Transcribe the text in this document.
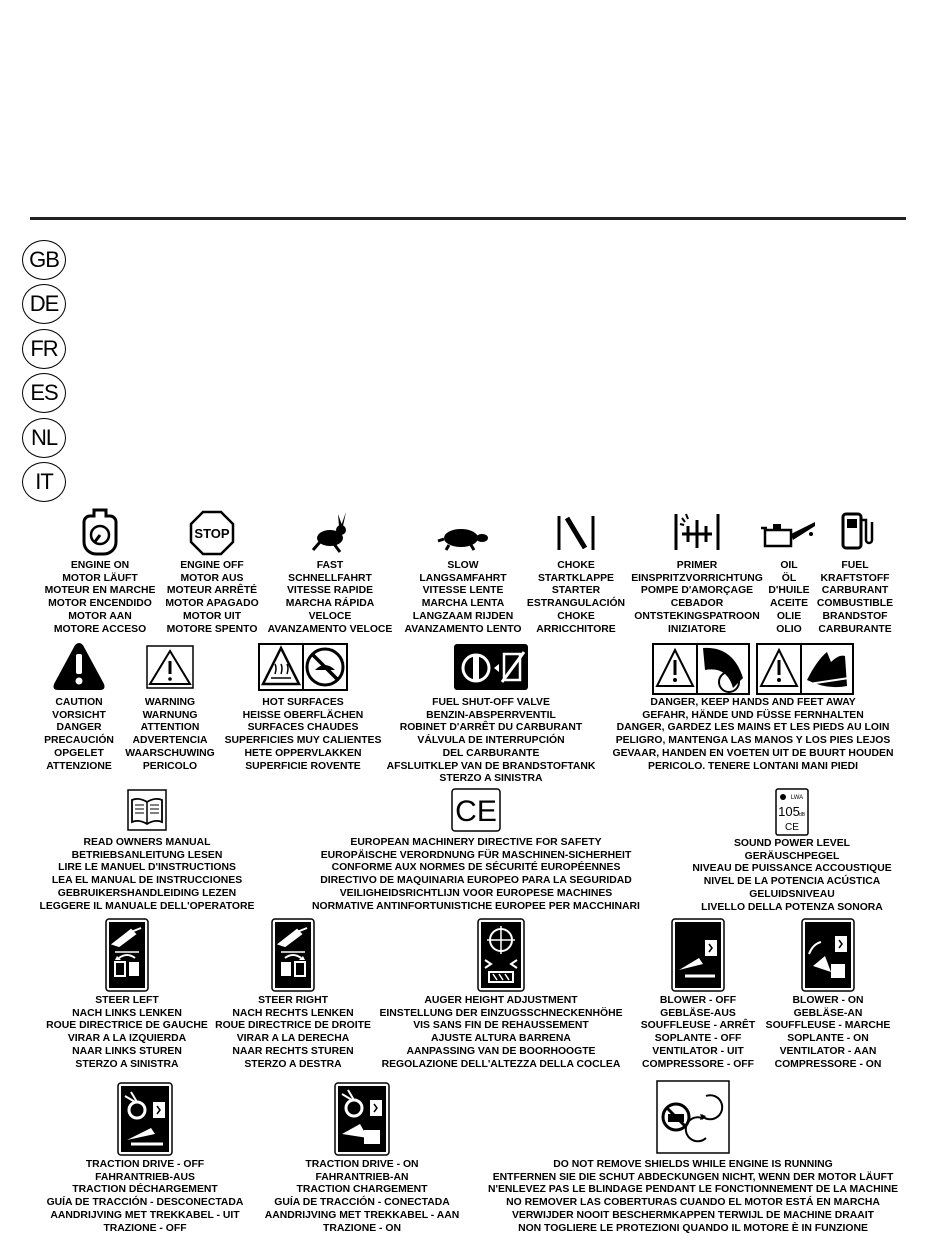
GB
DE
FR
ES
NL
IT
ENGINE ON
MOTOR LÄUFT
MOTEUR EN MARCHE
MOTOR ENCENDIDO
MOTOR AAN
MOTORE ACCESO
STOP
ENGINE OFF
MOTOR AUS
MOTEUR ARRÊTÉ
MOTOR APAGADO
MOTOR UIT
MOTORE SPENTO
FAST
SCHNELLFAHRT
VITESSE RAPIDE
MARCHA RÁPIDA
VELOCE
AVANZAMENTO VELOCE
SLOW
LANGSAMFAHRT
VITESSE LENTE
MARCHA LENTA
LANGZAAM RIJDEN
AVANZAMENTO LENTO
CHOKE
STARTKLAPPE
STARTER
ESTRANGULACIÓN
CHOKE
ARRICCHITORE
PRIMER
EINSPRITZVORRICHTUNG
POMPE D'AMORÇAGE
CEBADOR
ONTSTEKINGSPATROON
INIZIATORE
OIL
ÖL
D'HUILE
ACEITE
OLIE
OLIO
FUEL
KRAFTSTOFF
CARBURANT
COMBUSTIBLE
BRANDSTOF
CARBURANTE
CAUTION
VORSICHT
DANGER
PRECAUCIÓN
OPGELET
ATTENZIONE
WARNING
WARNUNG
ATTENTION
ADVERTENCIA
WAARSCHUWING
PERICOLO
HOT SURFACES
HEISSE OBERFLÄCHEN
SURFACES CHAUDES
SUPERFICIES MUY CALIENTES
HETE OPPERVLAKKEN
SUPERFICIE ROVENTE
FUEL SHUT-OFF VALVE
BENZIN-ABSPERRVENTIL
ROBINET D'ARRÊT DU CARBURANT
VÁLVULA DE INTERRUPCIÓN
DEL CARBURANTE
AFSLUITKLEP VAN DE BRANDSTOFTANK
STERZO A SINISTRA
DANGER, KEEP HANDS AND FEET AWAY
GEFAHR, HÄNDE UND FÜSSE FERNHALTEN
DANGER, GARDEZ LES MAINS ET LES PIEDS AU LOIN
PELIGRO, MANTENGA LAS MANOS Y LOS PIES LEJOS
GEVAAR, HANDEN EN VOETEN UIT DE BUURT HOUDEN
PERICOLO. TENERE LONTANI MANI PIEDI
READ OWNERS MANUAL
BETRIEBSANLEITUNG LESEN
LIRE LE MANUEL D'INSTRUCTIONS
LEA EL MANUAL DE INSTRUCCIONES
GEBRUIKERSHANDLEIDING LEZEN
LEGGERE IL MANUALE DELL'OPERATORE
CE
EUROPEAN MACHINERY DIRECTIVE FOR SAFETY
EUROPÄISCHE VERORDNUNG FÜR MASCHINEN-SICHERHEIT
CONFORME AUX NORMES DE SÉCURITÉ EUROPÉENNES
DIRECTIVO DE MAQUINARIA EUROPEO PARA LA SEGURIDAD
VEILIGHEIDSRICHTLIJN VOOR EUROPESE MACHINES
NORMATIVE ANTINFORTUNISTICHE EUROPEE PER MACCHINARI
LWA
105 dB
CE
SOUND POWER LEVEL
GERÄUSCHPEGEL
NIVEAU DE PUISSANCE ACCOUSTIQUE
NIVEL DE LA POTENCIA ACÚSTICA
GELUIDSNIVEAU
LIVELLO DELLA POTENZA SONORA
STEER LEFT
NACH LINKS LENKEN
ROUE DIRECTRICE DE GAUCHE
VIRAR A LA IZQUIERDA
NAAR LINKS STUREN
STERZO A SINISTRA
STEER RIGHT
NACH RECHTS LENKEN
ROUE DIRECTRICE DE DROITE
VIRAR A LA DERECHA
NAAR RECHTS STUREN
STERZO A DESTRA
AUGER HEIGHT ADJUSTMENT
EINSTELLUNG DER EINZUGSSCHNECKENHÖHE
VIS SANS FIN DE REHAUSSEMENT
AJUSTE ALTURA BARRENA
AANPASSING VAN DE BOORHOOGTE
REGOLAZIONE DELL'ALTEZZA DELLA COCLEA
BLOWER - OFF
GEBLÄSE-AUS
SOUFFLEUSE - ARRÊT
SOPLANTE - OFF
VENTILATOR - UIT
COMPRESSORE - OFF
BLOWER - ON
GEBLÄSE-AN
SOUFFLEUSE - MARCHE
SOPLANTE - ON
VENTILATOR - AAN
COMPRESSORE - ON
TRACTION DRIVE - OFF
FAHRANTRIEB-AUS
TRACTION DÉCHARGEMENT
GUÍA DE TRACCIÓN - DESCONECTADA
AANDRIJVING MET TREKKABEL - UIT
TRAZIONE - OFF
TRACTION DRIVE - ON
FAHRANTRIEB-AN
TRACTION CHARGEMENT
GUÍA DE TRACCIÓN - CONECTADA
AANDRIJVING MET TREKKABEL - AAN
TRAZIONE - ON
DO NOT REMOVE SHIELDS WHILE ENGINE IS RUNNING
ENTFERNEN SIE DIE SCHUT ABDECKUNGEN NICHT, WENN DER MOTOR LÄUFT
N'ENLEVEZ PAS LE BLINDAGE PENDANT LE FONCTIONNEMENT DE LA MACHINE
NO REMOVER LAS COBERTURAS CUANDO EL MOTOR ESTÁ EN MARCHA
VERWIJDER NOOIT BESCHERMKAPPEN TERWIJL DE MACHINE DRAAIT
NON TOGLIERE LE PROTEZIONI QUANDO IL MOTORE È IN FUNZIONE
